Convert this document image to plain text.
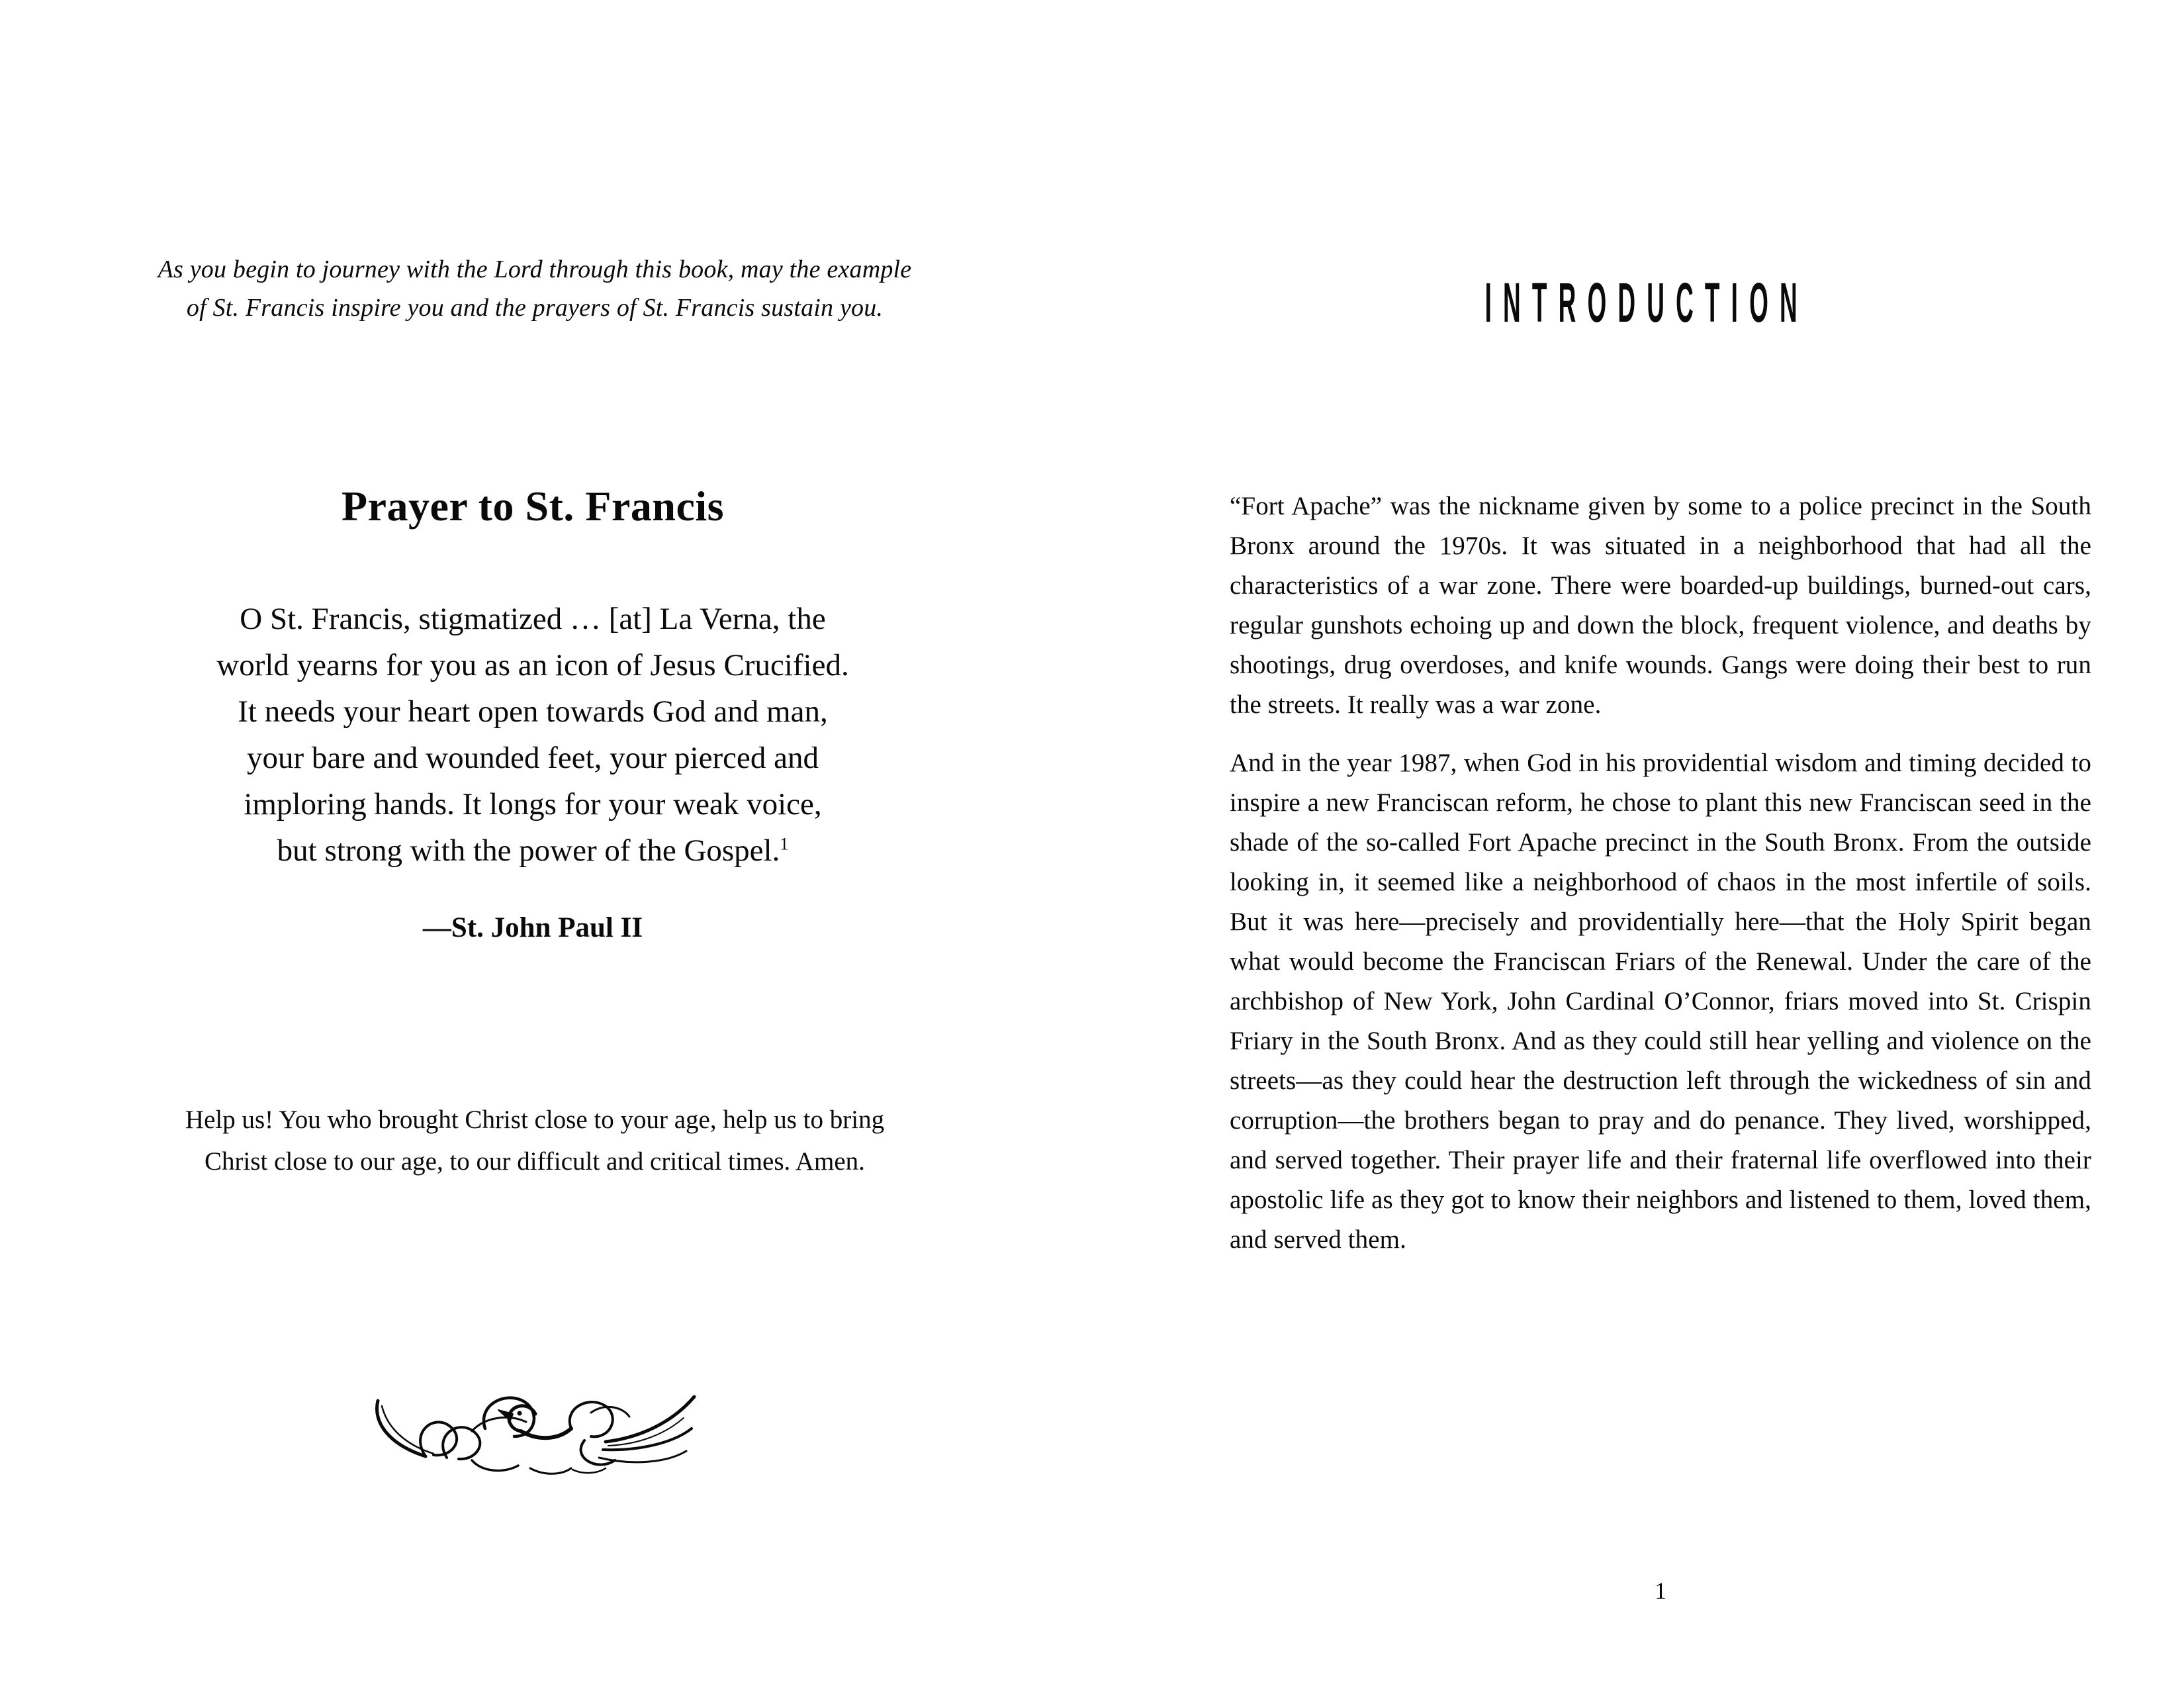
As you begin to journey with the Lord through this book, may the example
of St. Francis inspire you and the prayers of St. Francis sustain you.
Prayer to St. Francis
O St. Francis, stigmatized … [at] La Verna, the
world yearns for you as an icon of Jesus Crucified.
It needs your heart open towards God and man,
your bare and wounded feet, your pierced and
imploring hands. It longs for your weak voice,
but strong with the power of the Gospel.$^1$
—St. John Paul II
Help us! You who brought Christ close to your age, help us to bring
Christ close to our age, to our difficult and critical times. Amen.
INTRODUCTION

“Fort Apache” was the nickname given by some to a police precinct in the South Bronx around the 1970s. It was situated in a neighborhood that had all the characteristics of a war zone. There were boarded-up buildings, burned-out cars, regular gunshots echoing up and down the block, frequent violence, and deaths by shootings, drug overdoses, and knife wounds. Gangs were doing their best to run the streets. It really was a war zone.

And in the year 1987, when God in his providential wisdom and timing decided to inspire a new Franciscan reform, he chose to plant this new Franciscan seed in the shade of the so-called Fort Apache precinct in the South Bronx. From the outside looking in, it seemed like a neighborhood of chaos in the most infertile of soils. But it was here—precisely and providentially here—that the Holy Spirit began what would become the Franciscan Friars of the Renewal. Under the care of the archbishop of New York, John Cardinal O’Connor, friars moved into St. Crispin Friary in the South Bronx. And as they could still hear yelling and violence on the streets—as they could hear the destruction left through the wickedness of sin and corruption—the brothers began to pray and do penance. They lived, worshipped, and served together. Their prayer life and their fraternal life overflowed into their apostolic life as they got to know their neighbors and listened to them, loved them, and served them.

1
